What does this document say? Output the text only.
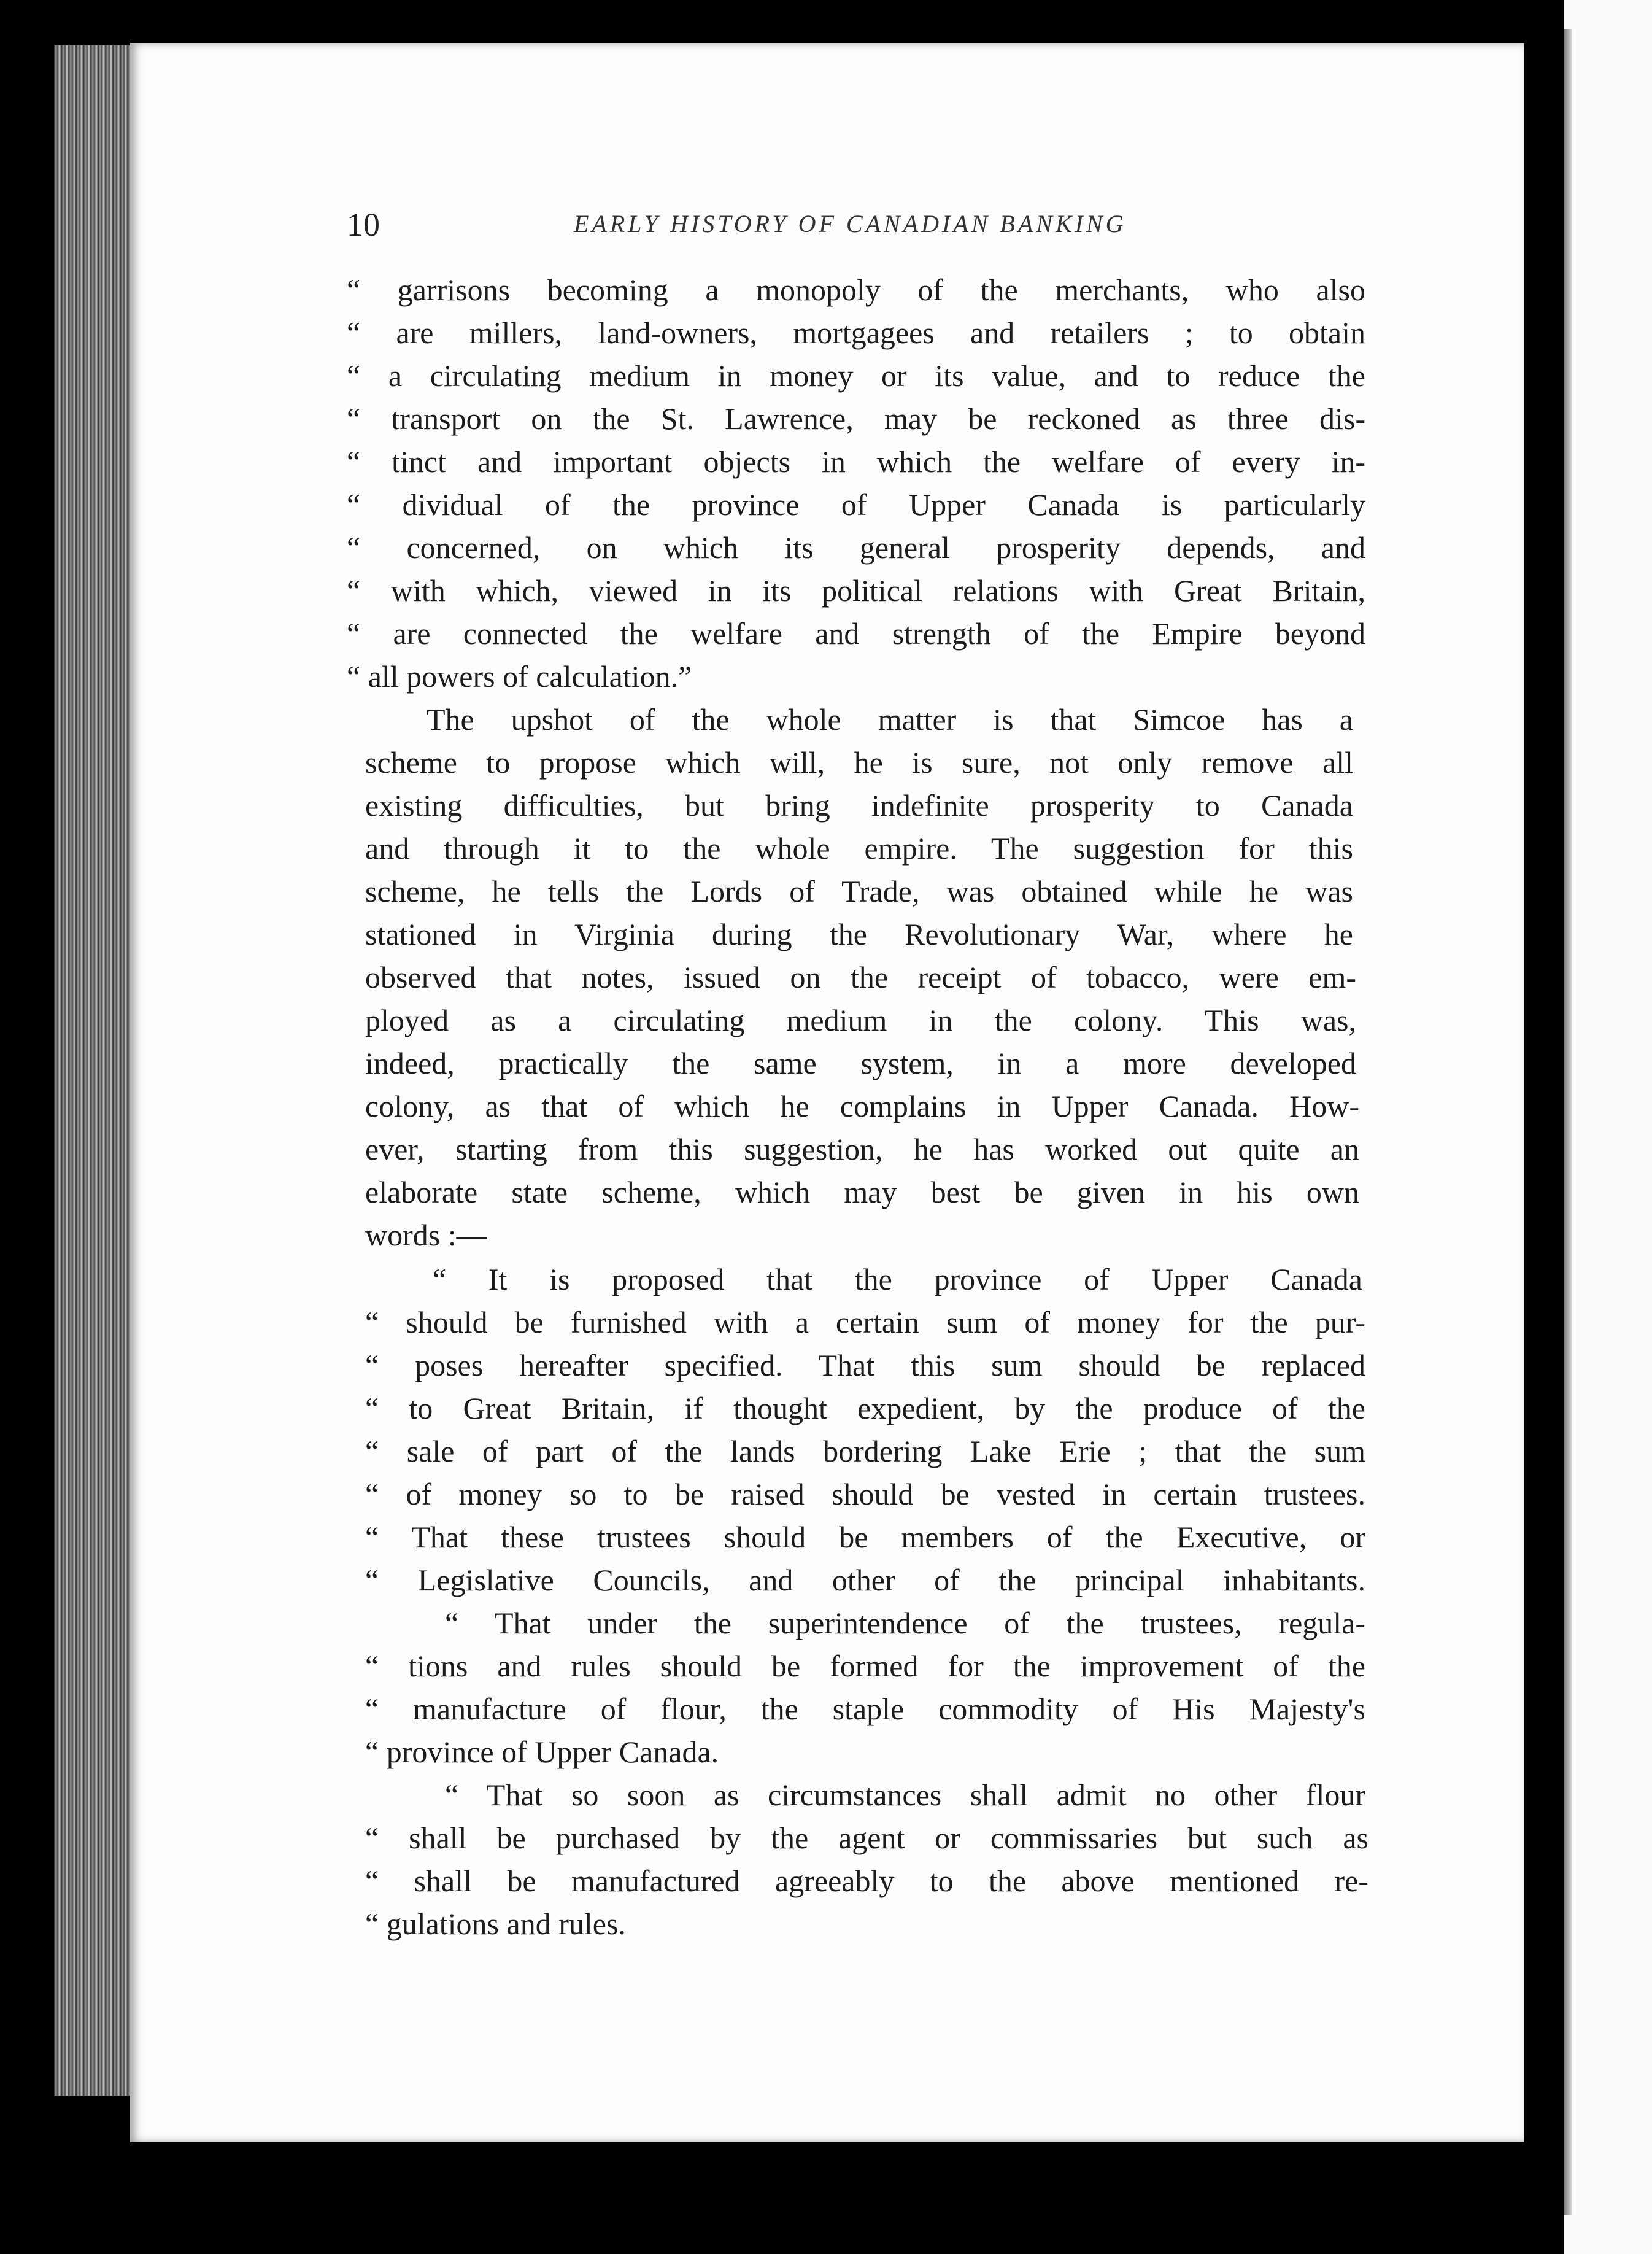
10	EARLY HISTORY OF CANADIAN BANKING
“ garrisons becoming a monopoly of the merchants, who also
“ are millers, land-owners, mortgagees and retailers ; to obtain
“ a circulating medium in money or its value, and to reduce the
“ transport on the St. Lawrence, may be reckoned as three dis-
“ tinct and important objects in which the welfare of every in-
“ dividual of the province of Upper Canada is particularly
“ concerned, on which its general prosperity depends, and
“ with which, viewed in its political relations with Great Britain,
“ are connected the welfare and strength of the Empire beyond
“ all powers of calculation.”
The upshot of the whole matter is that Simcoe has a
scheme to propose which will, he is sure, not only remove all
existing difficulties, but bring indefinite prosperity to Canada
and through it to the whole empire. The suggestion for this
scheme, he tells the Lords of Trade, was obtained while he was
stationed in Virginia during the Revolutionary War, where he
observed that notes, issued on the receipt of tobacco, were em-
ployed as a circulating medium in the colony. This was,
indeed, practically the same system, in a more developed
colony, as that of which he complains in Upper Canada. How-
ever, starting from this suggestion, he has worked out quite an
elaborate state scheme, which may best be given in his own
words :—
“ It is proposed that the province of Upper Canada
“ should be furnished with a certain sum of money for the pur-
“ poses hereafter specified. That this sum should be replaced
“ to Great Britain, if thought expedient, by the produce of the
“ sale of part of the lands bordering Lake Erie ; that the sum
“ of money so to be raised should be vested in certain trustees.
“ That these trustees should be members of the Executive, or
“ Legislative Councils, and other of the principal inhabitants.
“ That under the superintendence of the trustees, regula-
“ tions and rules should be formed for the improvement of the
“ manufacture of flour, the staple commodity of His Majesty's
“ province of Upper Canada.
“ That so soon as circumstances shall admit no other flour
“ shall be purchased by the agent or commissaries but such as
“ shall be manufactured agreeably to the above mentioned re-
“ gulations and rules.
